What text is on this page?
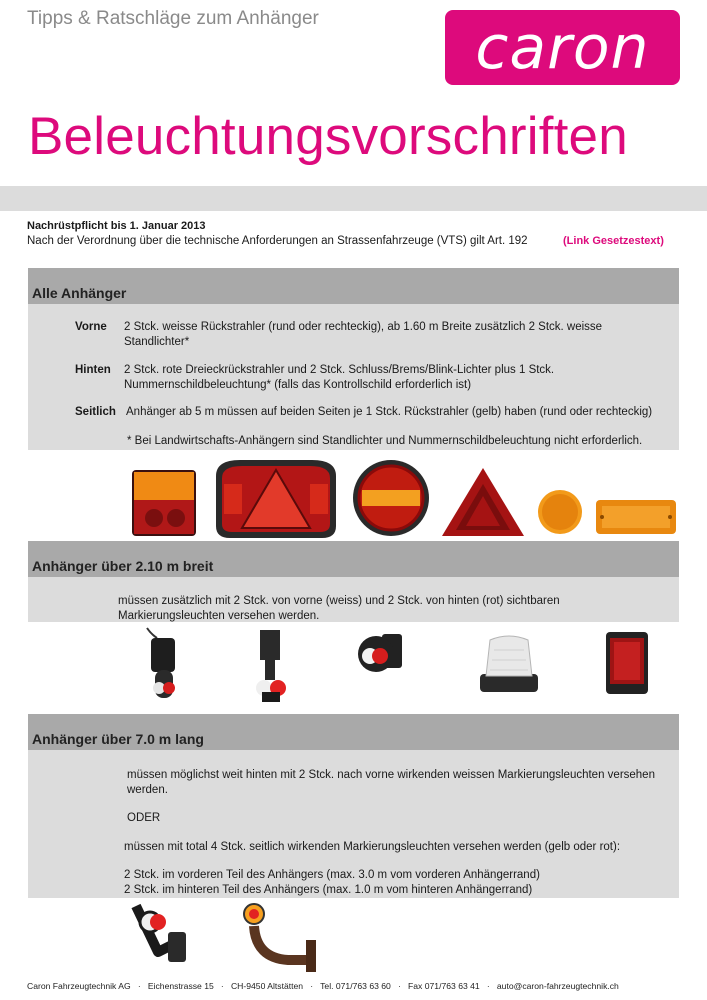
Tipps & Ratschläge zum Anhänger	caron
Beleuchtungsvorschriften
Nachrüstpflicht bis 1. Januar 2013
Nach der Verordnung über die technische Anforderungen an Strassenfahrzeuge (VTS) gilt Art. 192	(Link Gesetzestext)
Alle Anhänger
Vorne 2 Stck. weisse Rückstrahler (rund oder rechteckig), ab 1.60 m Breite zusätzlich 2 Stck. weisse
Standlichter*
Hinten 2 Stck. rote Dreieckrückstrahler und 2 Stck. Schluss/Brems/Blink-Lichter plus 1 Stck.
Nummernschildbeleuchtung* (falls das Kontrollschild erforderlich ist)
Seitlich Anhänger ab 5 m müssen auf beiden Seiten je 1 Stck. Rückstrahler (gelb) haben (rund oder rechteckig)
* Bei Landwirtschafts-Anhängern sind Standlichter und Nummernschildbeleuchtung nicht erforderlich.
Anhänger über 2.10 m breit
müssen zusätzlich mit 2 Stck. von vorne (weiss) und 2 Stck. von hinten (rot) sichtbaren
Markierungsleuchten versehen werden.
Anhänger über 7.0 m lang
müssen möglichst weit hinten mit 2 Stck. nach vorne wirkenden weissen Markierungsleuchten versehen
werden.
ODER
müssen mit total 4 Stck. seitlich wirkenden Markierungsleuchten versehen werden (gelb oder rot):
2 Stck. im vorderen Teil des Anhängers (max. 3.0 m vom vorderen Anhängerrand)
2 Stck. im hinteren Teil des Anhängers (max. 1.0 m vom hinteren Anhängerrand)
Caron Fahrzeugtechnik AG   ·   Eichenstrasse 15   ·   CH-9450 Altstätten   ·   Tel. 071/763 63 60   ·   Fax 071/763 63 41   ·   auto@caron-fahrzeugtechnik.ch
